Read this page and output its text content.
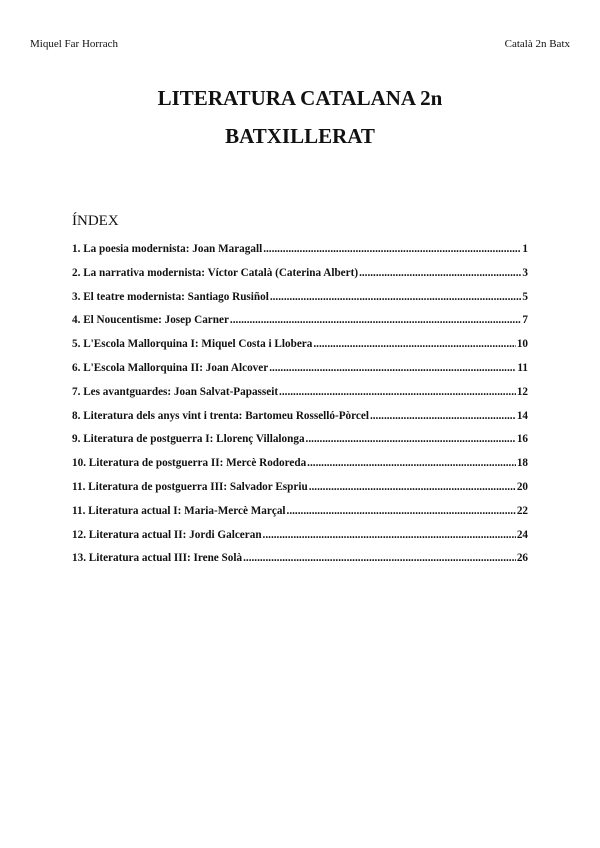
Miquel Far Horrach	Català 2n Batx
LITERATURA CATALANA 2n
BATXILLERAT
ÍNDEX
1. La poesia modernista: Joan Maragall .....	1
2. La narrativa modernista: Víctor Català (Caterina Albert) .....	3
3. El teatre modernista: Santiago Rusiñol .....	5
4. El Noucentisme: Josep Carner .....	7
5. L'Escola Mallorquina I: Miquel Costa i Llobera .....	10
6. L'Escola Mallorquina II: Joan Alcover .....	11
7. Les avantguardes: Joan Salvat-Papasseit .....	12
8. Literatura dels anys vint i trenta: Bartomeu Rosselló-Pòrcel .....	14
9. Literatura de postguerra I: Llorenç Villalonga .....	16
10. Literatura de postguerra II: Mercè Rodoreda .....	18
11. Literatura de postguerra III: Salvador Espriu .....	20
11. Literatura actual I: Maria-Mercè Marçal .....	22
12. Literatura actual II: Jordi Galceran .....	24
13. Literatura actual III: Irene Solà .....	26
